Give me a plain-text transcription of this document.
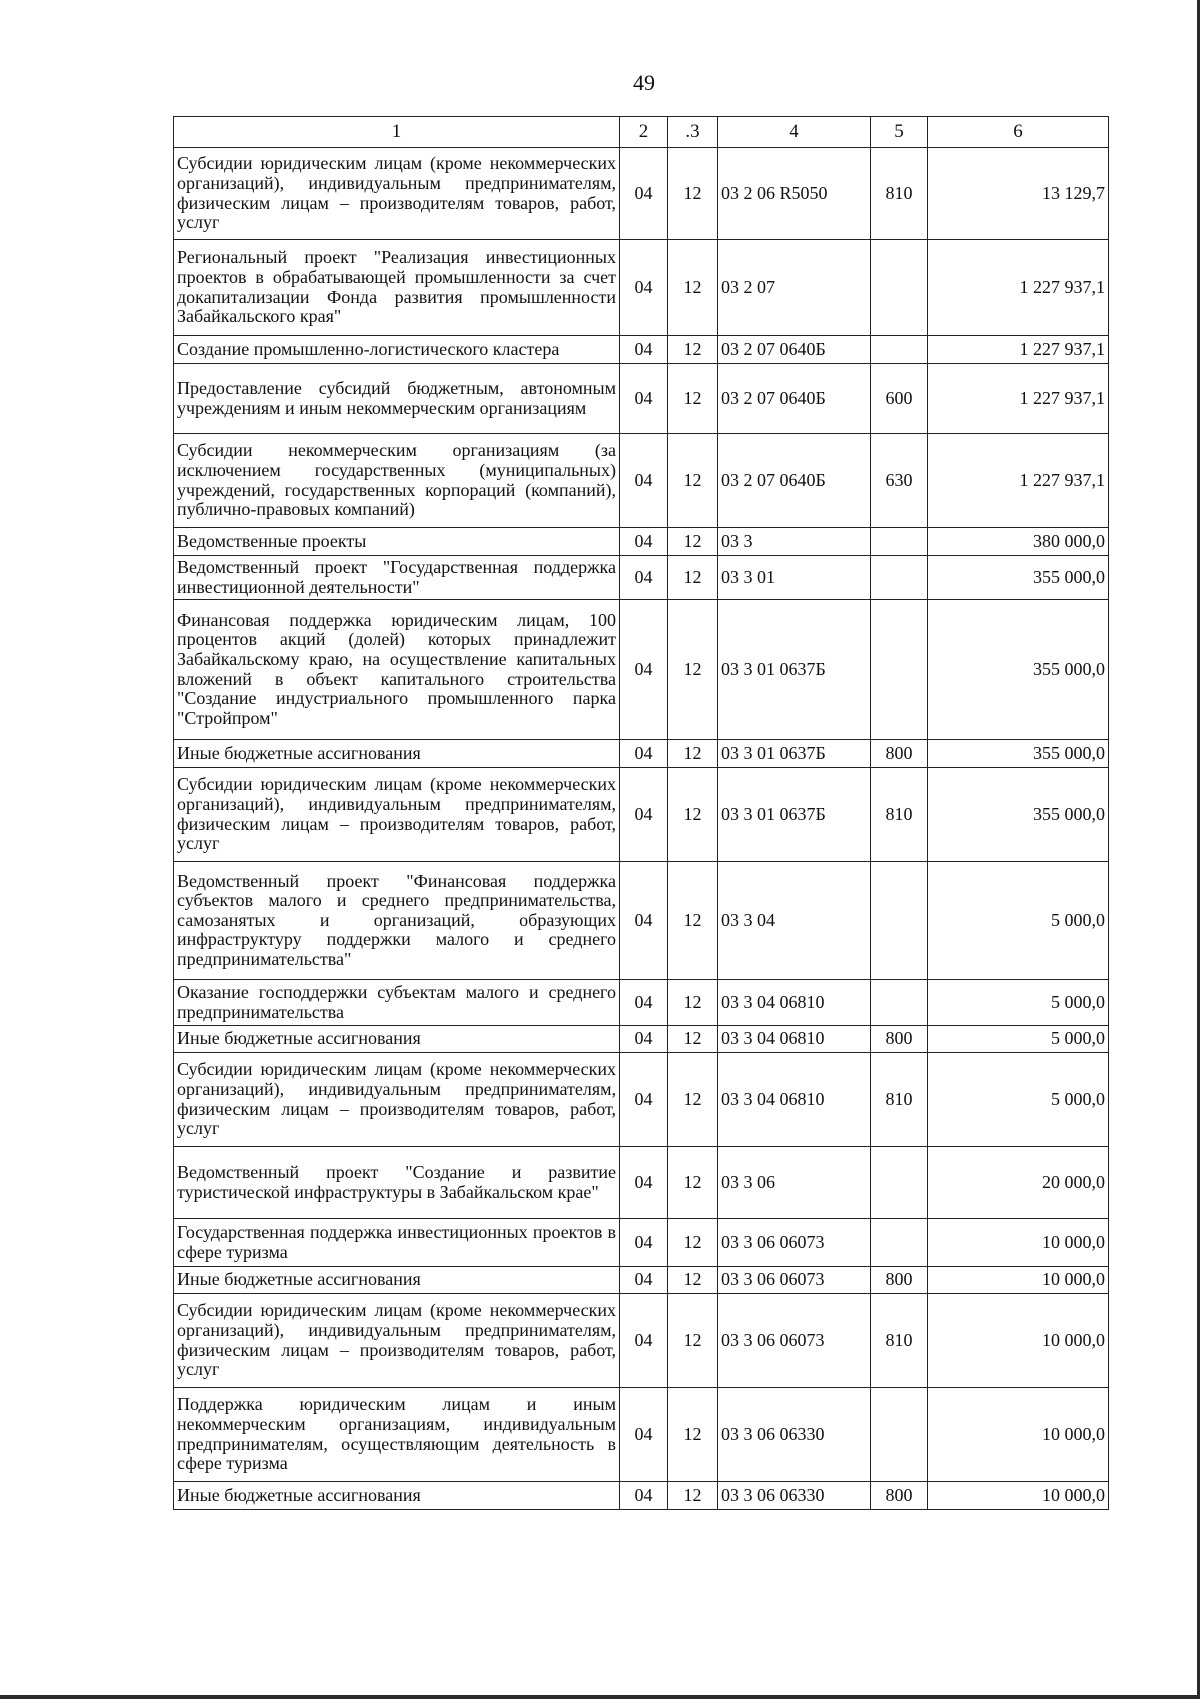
49
1	2	.3	4	5	6
Субсидии юридическим лицам (кроме некоммерческих организаций), индивидуальным предпринимателям, физическим лицам – производителям товаров, работ, услуг	04	12	03 2 06 R5050	810	13 129,7
Региональный проект "Реализация инвестиционных проектов в обрабатывающей промышленности за счет докапитализации Фонда развития промышленности Забайкальского края"	04	12	03 2 07		1 227 937,1
Создание промышленно-логистического кластера	04	12	03 2 07 0640Б		1 227 937,1
Предоставление субсидий бюджетным, автономным учреждениям и иным некоммерческим организациям	04	12	03 2 07 0640Б	600	1 227 937,1
Субсидии некоммерческим организациям (за исключением государственных (муниципальных) учреждений, государственных корпораций (компаний), публично-правовых компаний)	04	12	03 2 07 0640Б	630	1 227 937,1
Ведомственные проекты	04	12	03 3		380 000,0
Ведомственный проект "Государственная поддержка инвестиционной деятельности"	04	12	03 3 01		355 000,0
Финансовая поддержка юридическим лицам, 100 процентов акций (долей) которых принадлежит Забайкальскому краю, на осуществление капитальных вложений в объект капитального строительства "Создание индустриального промышленного парка "Стройпром"	04	12	03 3 01 0637Б		355 000,0
Иные бюджетные ассигнования	04	12	03 3 01 0637Б	800	355 000,0
Субсидии юридическим лицам (кроме некоммерческих организаций), индивидуальным предпринимателям, физическим лицам – производителям товаров, работ, услуг	04	12	03 3 01 0637Б	810	355 000,0
Ведомственный проект "Финансовая поддержка субъектов малого и среднего предпринимательства, самозанятых и организаций, образующих инфраструктуру поддержки малого и среднего предпринимательства"	04	12	03 3 04		5 000,0
Оказание господдержки субъектам малого и среднего предпринимательства	04	12	03 3 04 06810		5 000,0
Иные бюджетные ассигнования	04	12	03 3 04 06810	800	5 000,0
Субсидии юридическим лицам (кроме некоммерческих организаций), индивидуальным предпринимателям, физическим лицам – производителям товаров, работ, услуг	04	12	03 3 04 06810	810	5 000,0
Ведомственный проект "Создание и развитие туристической инфраструктуры в Забайкальском крае"	04	12	03 3 06		20 000,0
Государственная поддержка инвестиционных проектов в сфере туризма	04	12	03 3 06 06073		10 000,0
Иные бюджетные ассигнования	04	12	03 3 06 06073	800	10 000,0
Субсидии юридическим лицам (кроме некоммерческих организаций), индивидуальным предпринимателям, физическим лицам – производителям товаров, работ, услуг	04	12	03 3 06 06073	810	10 000,0
Поддержка юридическим лицам и иным некоммерческим организациям, индивидуальным предпринимателям, осуществляющим деятельность в сфере туризма	04	12	03 3 06 06330		10 000,0
Иные бюджетные ассигнования	04	12	03 3 06 06330	800	10 000,0
